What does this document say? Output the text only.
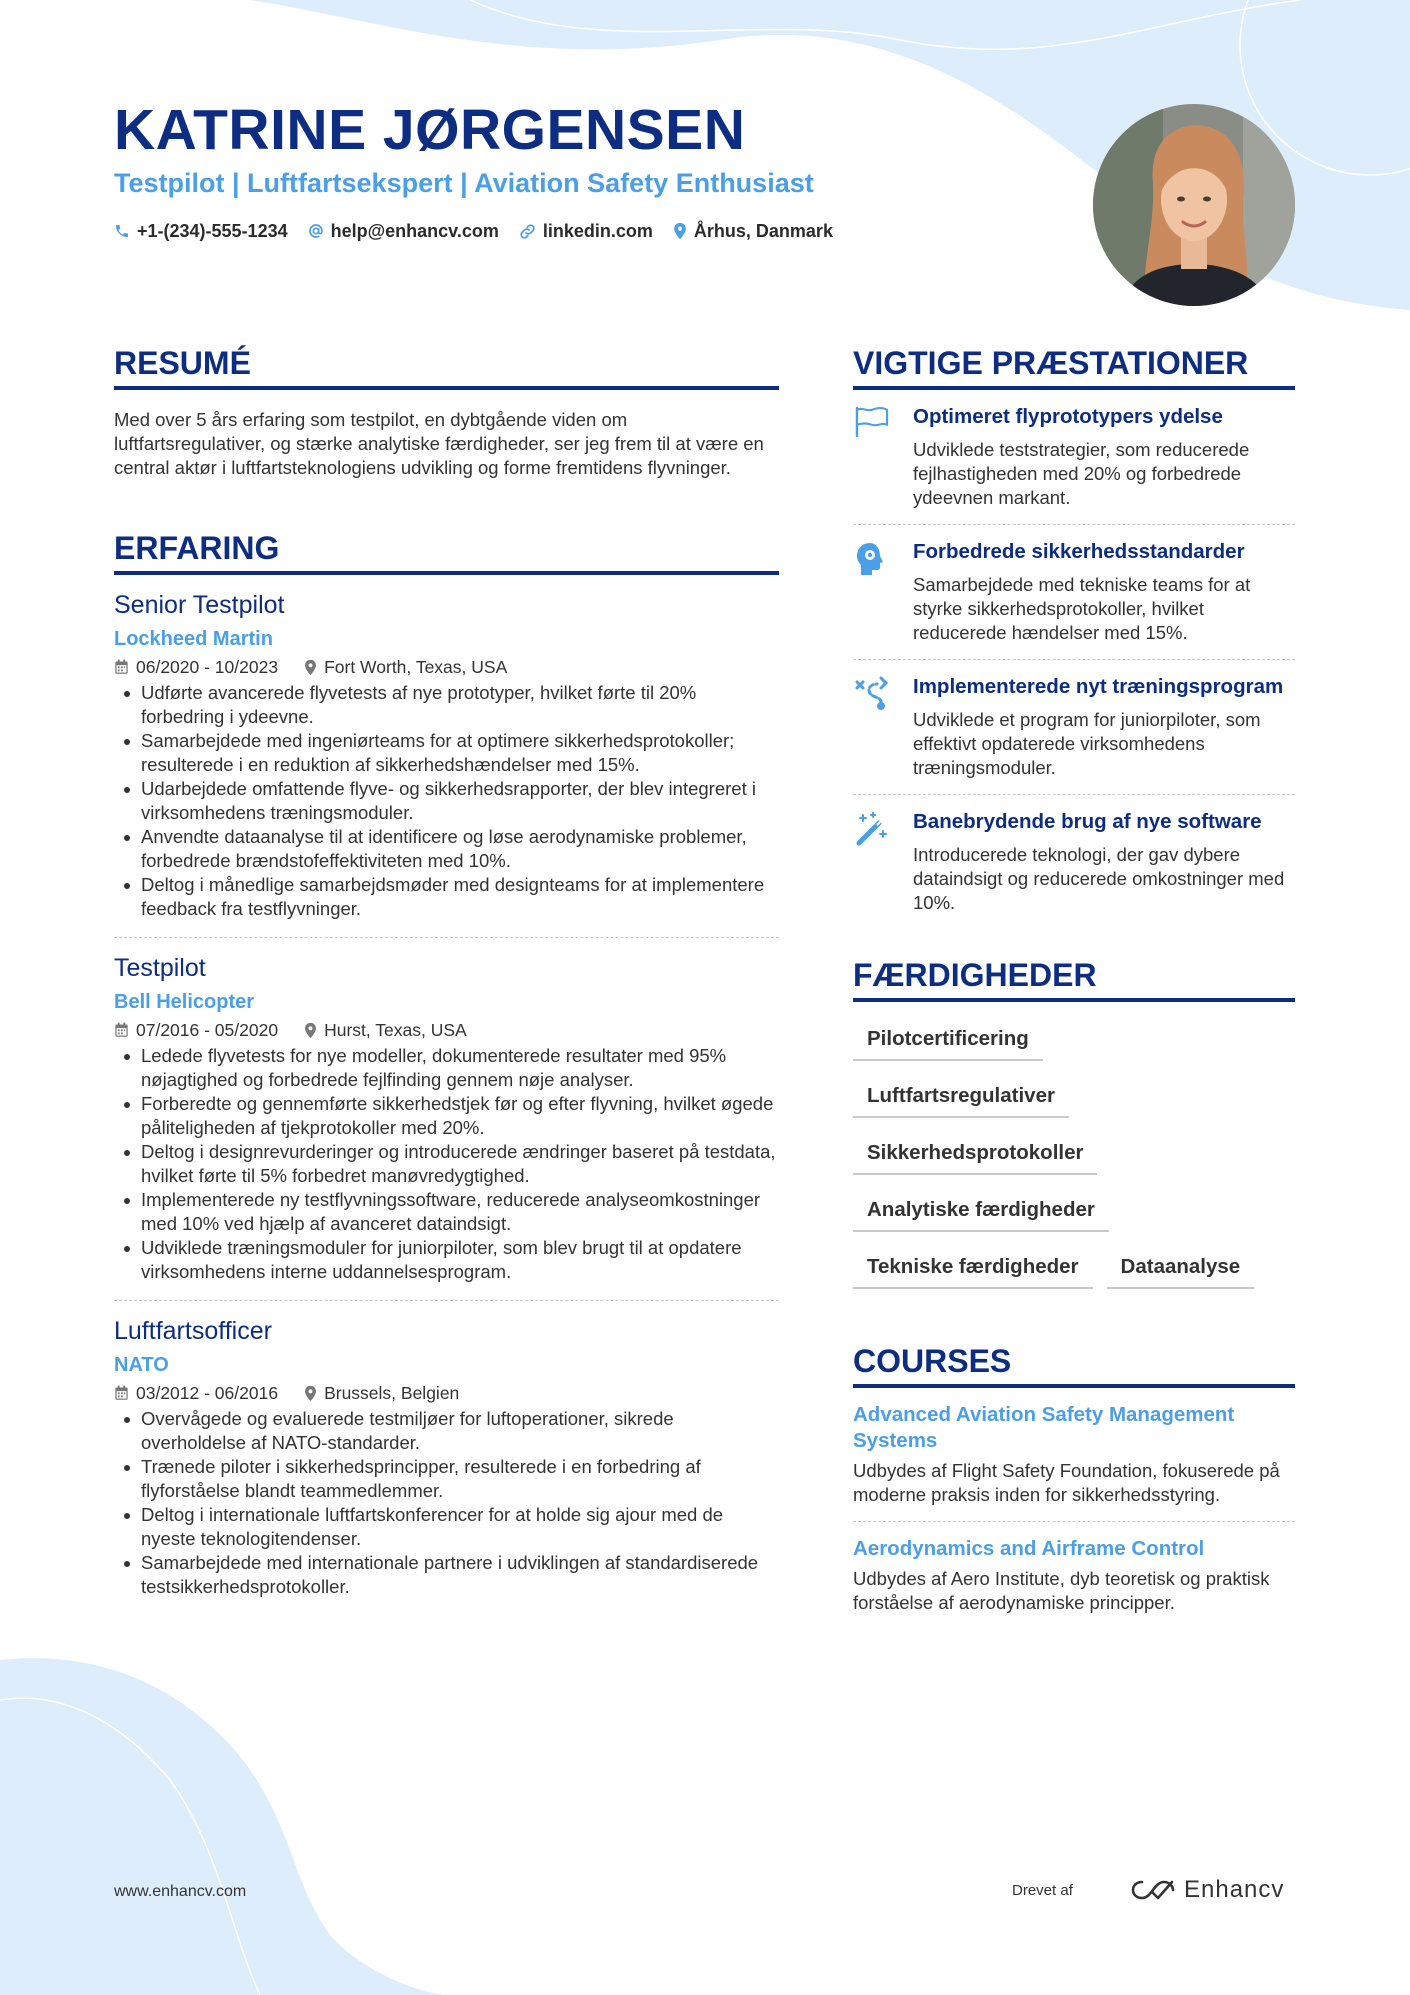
KATRINE JØRGENSEN
Testpilot | Luftfartsekspert | Aviation Safety Enthusiast
+1-(234)-555-1234 help@enhancv.com linkedin.com Århus, Danmark
RESUMÉ
Med over 5 års erfaring som testpilot, en dybtgående viden om luftfartsregulativer, og stærke analytiske færdigheder, ser jeg frem til at være en central aktør i luftfartsteknologiens udvikling og forme fremtidens flyvninger.
ERFARING
Senior Testpilot
Lockheed Martin
06/2020 - 10/2023	Fort Worth, Texas, USA
Udførte avancerede flyvetests af nye prototyper, hvilket førte til 20% forbedring i ydeevne.
Samarbejdede med ingeniørteams for at optimere sikkerhedsprotokoller; resulterede i en reduktion af sikkerhedshændelser med 15%.
Udarbejdede omfattende flyve- og sikkerhedsrapporter, der blev integreret i virksomhedens træningsmoduler.
Anvendte dataanalyse til at identificere og løse aerodynamiske problemer, forbedrede brændstofeffektiviteten med 10%.
Deltog i månedlige samarbejdsmøder med designteams for at implementere feedback fra testflyvninger.
Testpilot
Bell Helicopter
07/2016 - 05/2020	Hurst, Texas, USA
Ledede flyvetests for nye modeller, dokumenterede resultater med 95% nøjagtighed og forbedrede fejlfinding gennem nøje analyser.
Forberedte og gennemførte sikkerhedstjek før og efter flyvning, hvilket øgede påliteligheden af tjekprotokoller med 20%.
Deltog i designrevurderinger og introducerede ændringer baseret på testdata, hvilket førte til 5% forbedret manøvredygtighed.
Implementerede ny testflyvningssoftware, reducerede analyseomkostninger med 10% ved hjælp af avanceret dataindsigt.
Udviklede træningsmoduler for juniorpiloter, som blev brugt til at opdatere virksomhedens interne uddannelsesprogram.
Luftfartsofficer
NATO
03/2012 - 06/2016	Brussels, Belgien
Overvågede og evaluerede testmiljøer for luftoperationer, sikrede overholdelse af NATO-standarder.
Trænede piloter i sikkerhedsprincipper, resulterede i en forbedring af flyforståelse blandt teammedlemmer.
Deltog i internationale luftfartskonferencer for at holde sig ajour med de nyeste teknologitendenser.
Samarbejdede med internationale partnere i udviklingen af standardiserede testsikkerhedsprotokoller.
VIGTIGE PRÆSTATIONER
Optimeret flyprototypers ydelse
Udviklede teststrategier, som reducerede fejlhastigheden med 20% og forbedrede ydeevnen markant.
Forbedrede sikkerhedsstandarder
Samarbejdede med tekniske teams for at styrke sikkerhedsprotokoller, hvilket reducerede hændelser med 15%.
Implementerede nyt træningsprogram
Udviklede et program for juniorpiloter, som effektivt opdaterede virksomhedens træningsmoduler.
Banebrydende brug af nye software
Introducerede teknologi, der gav dybere dataindsigt og reducerede omkostninger med 10%.
FÆRDIGHEDER
Pilotcertificering
Luftfartsregulativer
Sikkerhedsprotokoller
Analytiske færdigheder
Tekniske færdigheder	Dataanalyse
COURSES
Advanced Aviation Safety Management Systems
Udbydes af Flight Safety Foundation, fokuserede på moderne praksis inden for sikkerhedsstyring.
Aerodynamics and Airframe Control
Udbydes af Aero Institute, dyb teoretisk og praktisk forståelse af aerodynamiske principper.
www.enhancv.com	Drevet af	Enhancv
